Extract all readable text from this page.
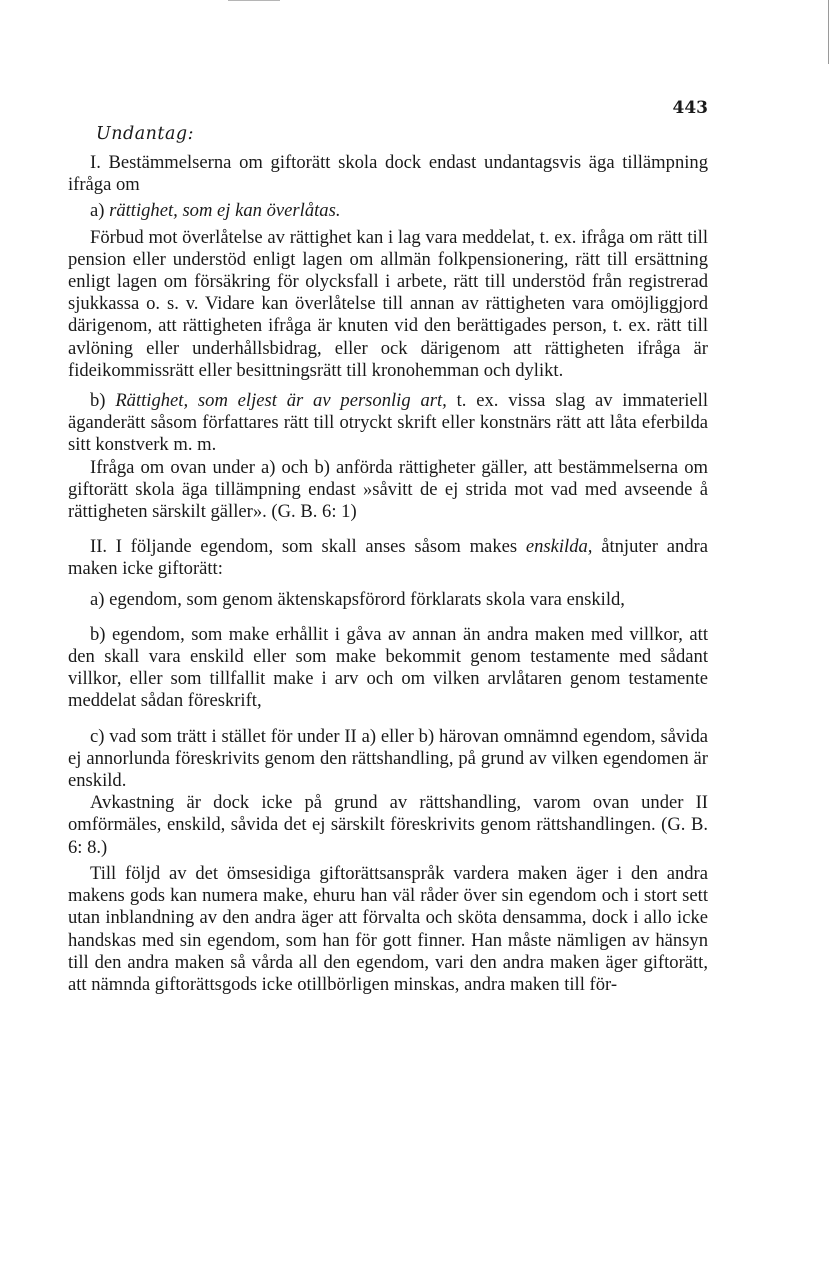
443
Undantag:

I. Bestämmelserna om giftorätt skola dock endast undantagsvis äga tillämpning ifråga om

a) rättighet, som ej kan överlåtas.

Förbud mot överlåtelse av rättighet kan i lag vara meddelat, t. ex. ifråga om rätt till pension eller understöd enligt lagen om allmän folkpensionering, rätt till ersättning enligt lagen om försäkring för olycksfall i arbete, rätt till understöd från registrerad sjukkassa o. s. v. Vidare kan överlåtelse till annan av rättigheten vara omöjliggjord därigenom, att rättigheten ifråga är knuten vid den berättigades person, t. ex. rätt till avlöning eller underhållsbidrag, eller ock därigenom att rättigheten ifråga är fideikommissrätt eller besittningsrätt till kronohemman och dylikt.

b) Rättighet, som eljest är av personlig art, t. ex. vissa slag av immateriell äganderätt såsom författares rätt till otryckt skrift eller konstnärs rätt att låta eferbilda sitt konstverk m. m.

Ifråga om ovan under a) och b) anförda rättigheter gäller, att bestämmelserna om giftorätt skola äga tillämpning endast »såvitt de ej strida mot vad med avseende å rättigheten särskilt gäller». (G. B. 6: 1)

II. I följande egendom, som skall anses såsom makes enskilda, åtnjuter andra maken icke giftorätt:

a) egendom, som genom äktenskapsförord förklarats skola vara enskild,

b) egendom, som make erhållit i gåva av annan än andra maken med villkor, att den skall vara enskild eller som make bekommit genom testamente med sådant villkor, eller som tillfallit make i arv och om vilken arvlåtaren genom testamente meddelat sådan föreskrift,

c) vad som trätt i stället för under II a) eller b) härovan omnämnd egendom, såvida ej annorlunda föreskrivits genom den rättshandling, på grund av vilken egendomen är enskild.

Avkastning är dock icke på grund av rättshandling, varom ovan under II omförmäles, enskild, såvida det ej särskilt föreskrivits genom rättshandlingen. (G. B. 6: 8.)

Till följd av det ömsesidiga giftorättsanspråk vardera maken äger i den andra makens gods kan numera make, ehuru han väl råder över sin egendom och i stort sett utan inblandning av den andra äger att förvalta och sköta densamma, dock i allo icke handskas med sin egendom, som han för gott finner. Han måste nämligen av hänsyn till den andra maken så vårda all den egendom, vari den andra maken äger giftorätt, att nämnda giftorättsgods icke otillbörligen minskas, andra maken till för-
